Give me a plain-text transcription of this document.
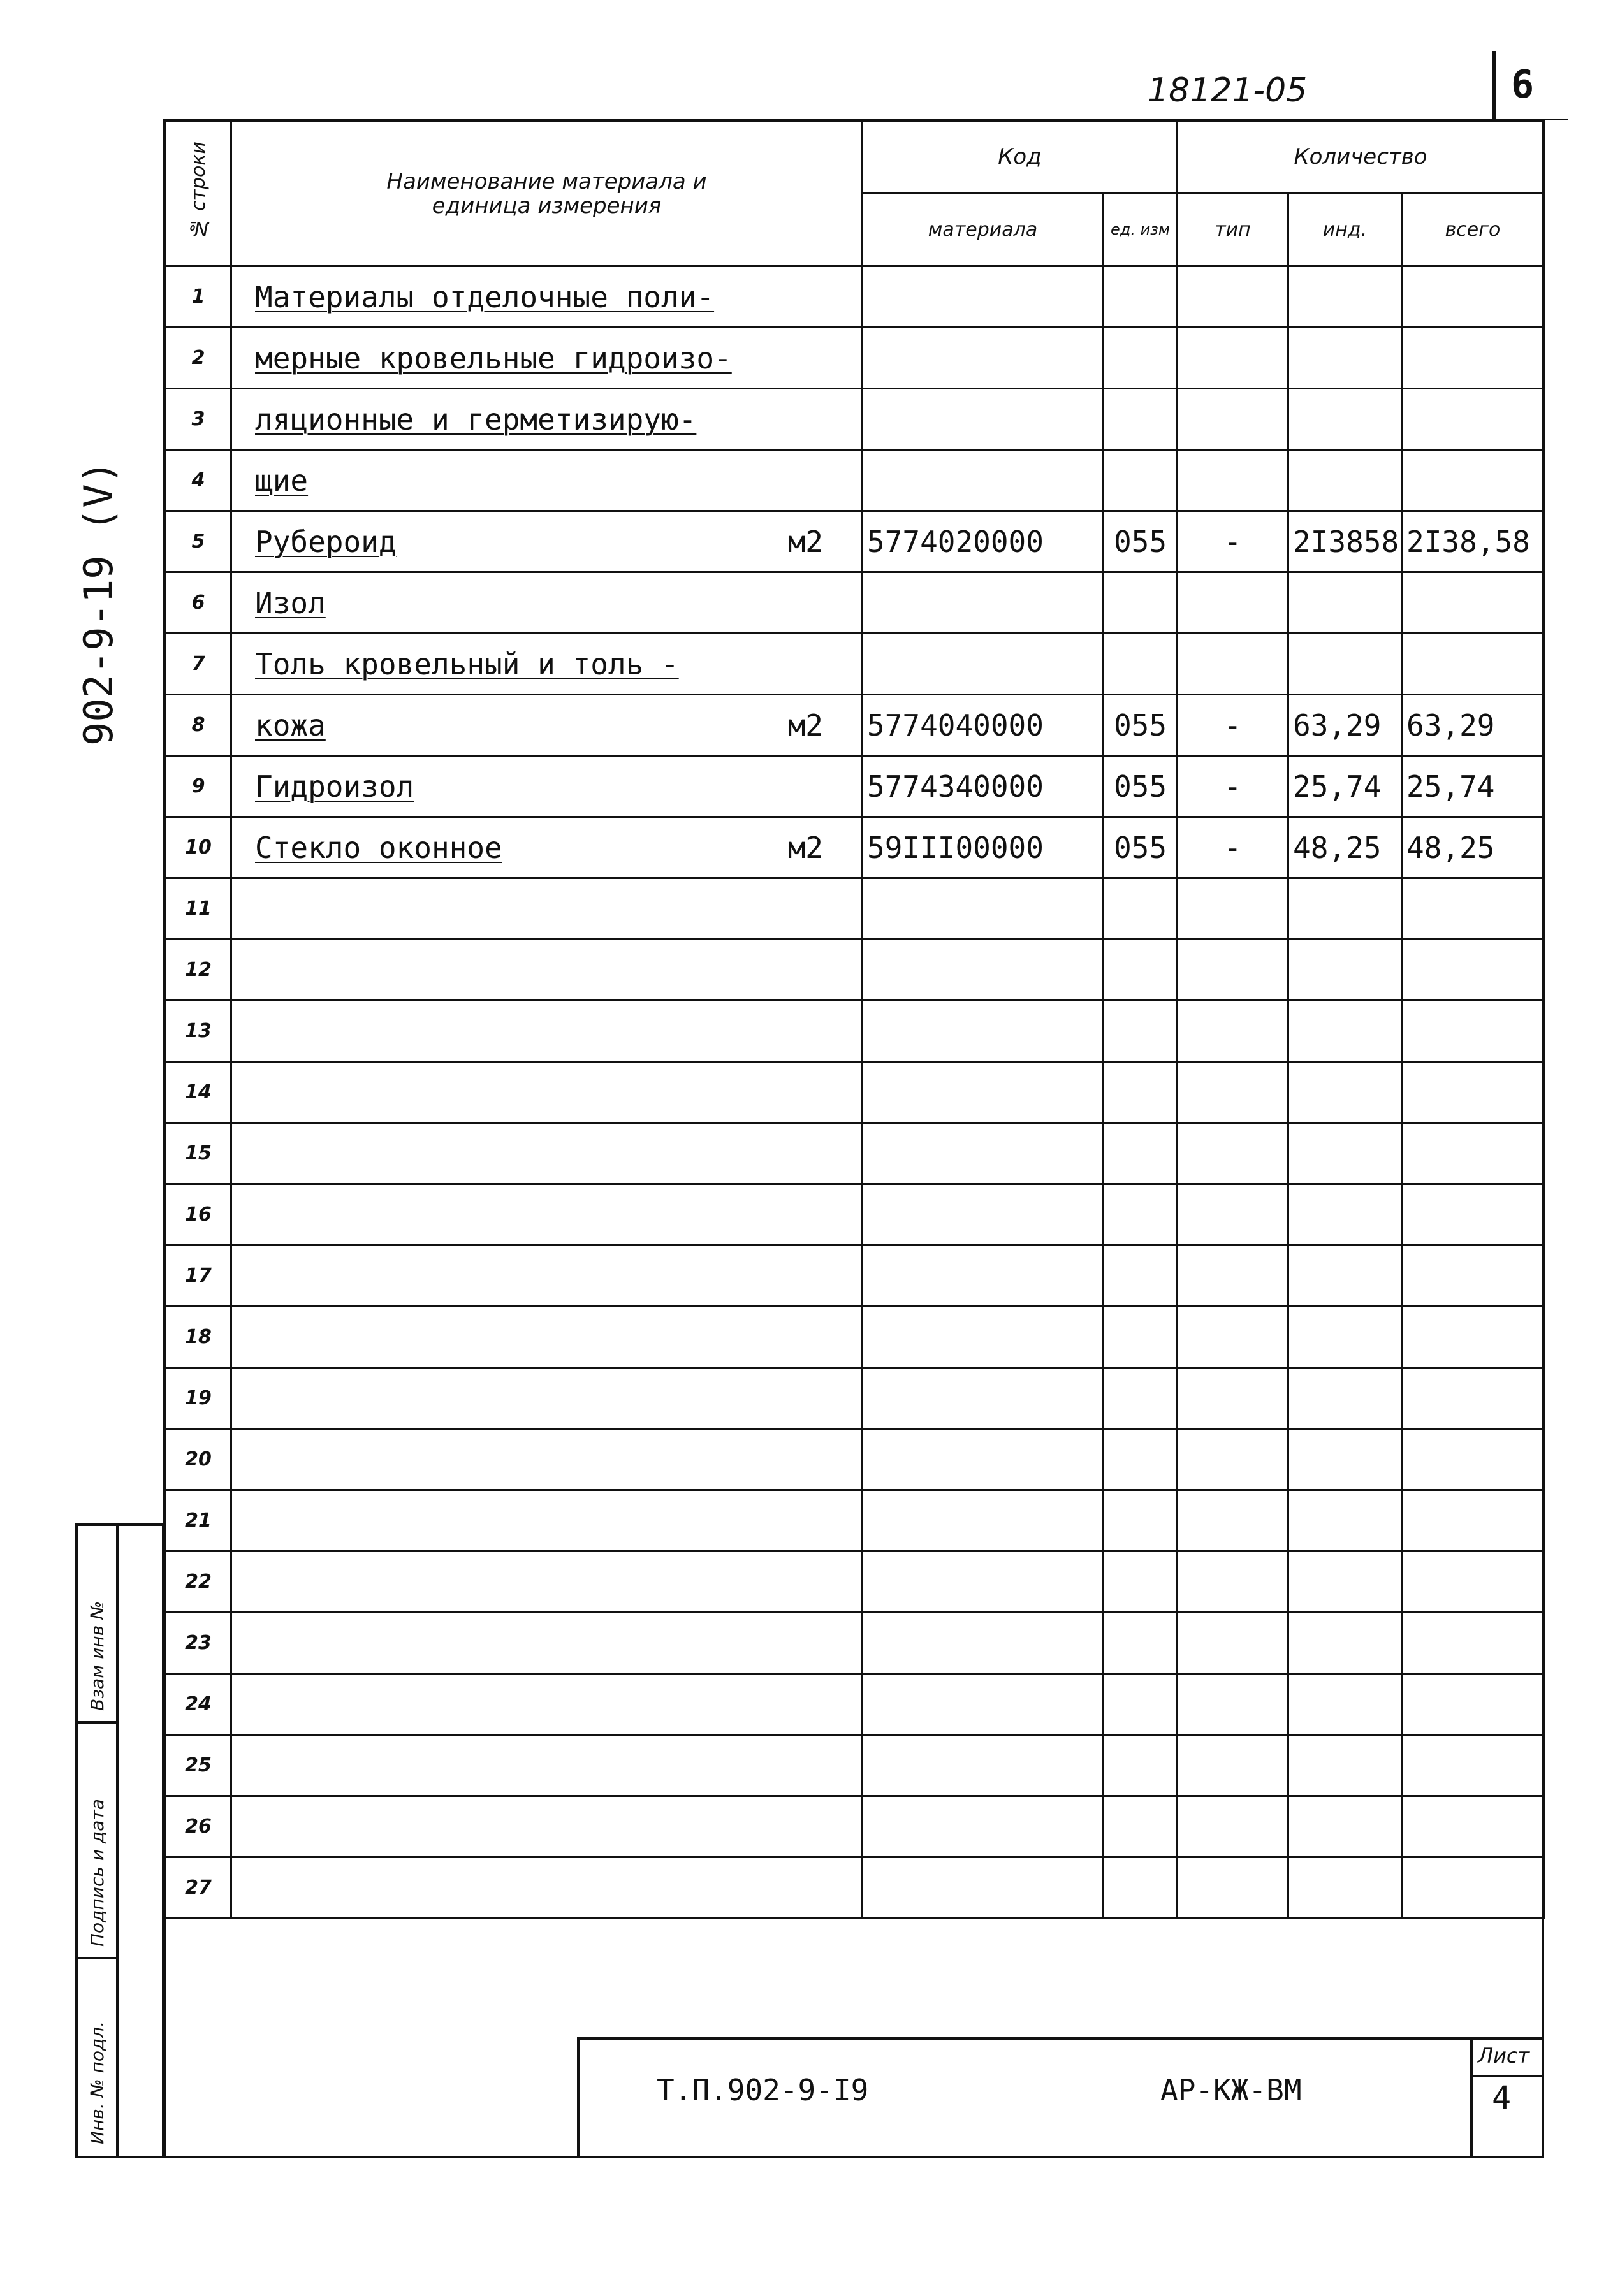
18121-05	6
№ строки	Наименование материала и единица измерения	Код		Количество		
		материала	ед. изм	тип	инд.	всего
1	Материалы отделочные поли-

2	мерные кровельные гидроизо-

3	ляционные и герметизирую-

4	щие

5	Рубероид м2	5774020000	055	-	2I3858	2I38,58
6	Изол

7	Толь кровельный и толь -

8	кожа м2	5774040000	055	-	63,29	63,29
9	Гидроизол	5774340000	055	-	25,74	25,74
10	Стекло оконное м2	59III00000	055	-	48,25	48,25
11	

12	

13	

14	

15	

16	

17	

18	

19	

20	

21	

22	

23	

24	

25	

26	

27	

Т.П.902-9-I9	АР-КЖ-ВМ
Лист
4
902-9-19 (V)
Взам инв №
Подпись и дата
Инв. № подл.
